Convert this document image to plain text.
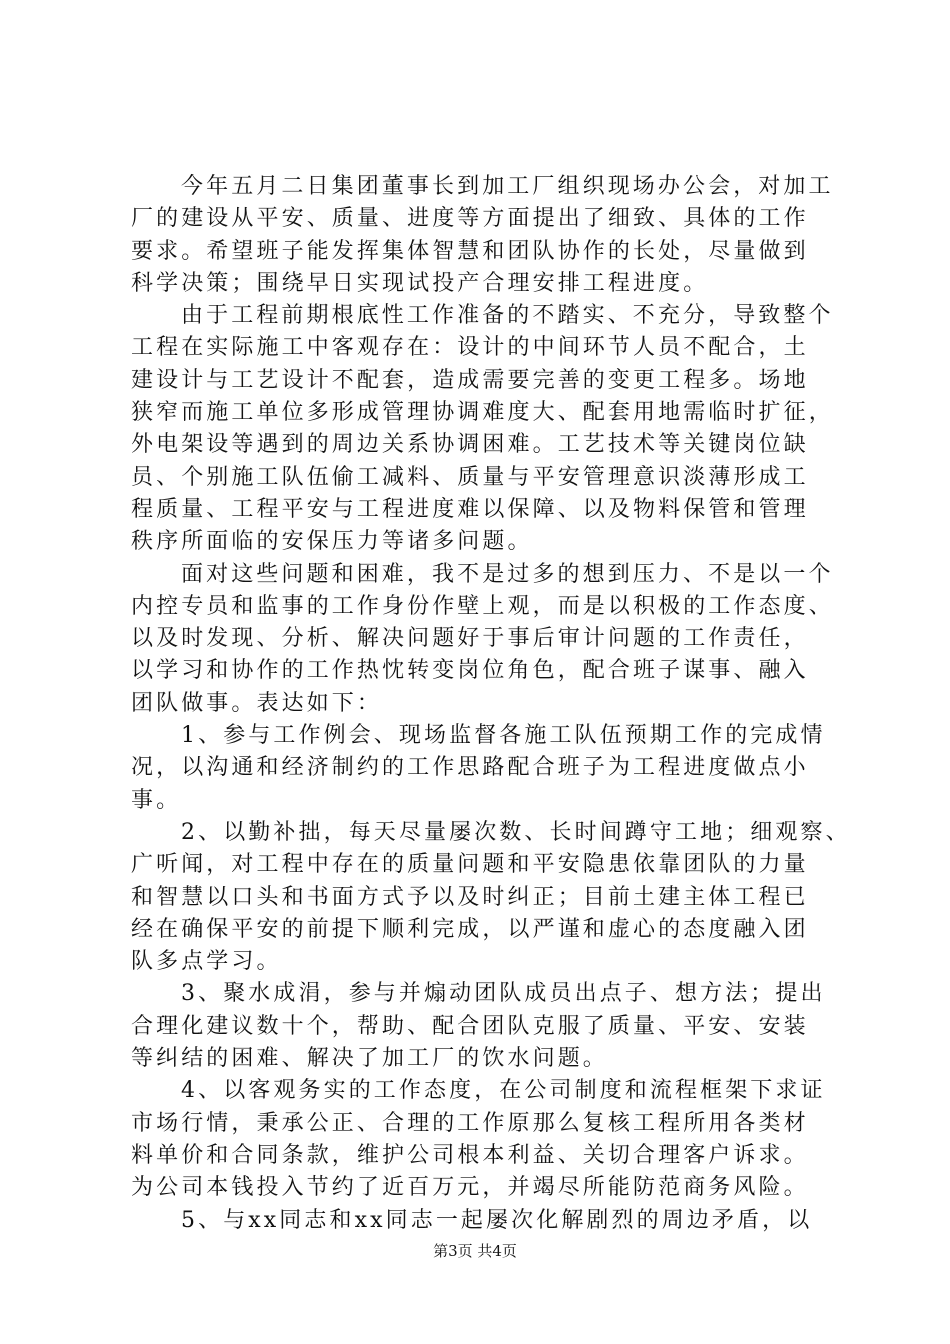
今年五月二日集团董事长到加工厂组织现场办公会，对加工
厂的建设从平安、质量、进度等方面提出了细致、具体的工作
要求。希望班子能发挥集体智慧和团队协作的长处，尽量做到
科学决策；围绕早日实现试投产合理安排工程进度。
由于工程前期根底性工作准备的不踏实、不充分，导致整个
工程在实际施工中客观存在：设计的中间环节人员不配合，土
建设计与工艺设计不配套，造成需要完善的变更工程多。场地
狭窄而施工单位多形成管理协调难度大、配套用地需临时扩征，
外电架设等遇到的周边关系协调困难。工艺技术等关键岗位缺
员、个别施工队伍偷工减料、质量与平安管理意识淡薄形成工
程质量、工程平安与工程进度难以保障、以及物料保管和管理
秩序所面临的安保压力等诸多问题。
面对这些问题和困难，我不是过多的想到压力、不是以一个
内控专员和监事的工作身份作壁上观，而是以积极的工作态度、
以及时发现、分析、解决问题好于事后审计问题的工作责任，
以学习和协作的工作热忱转变岗位角色，配合班子谋事、融入
团队做事。表达如下：
1、参与工作例会、现场监督各施工队伍预期工作的完成情
况，以沟通和经济制约的工作思路配合班子为工程进度做点小
事。
2、以勤补拙，每天尽量屡次数、长时间蹲守工地；细观察、
广听闻，对工程中存在的质量问题和平安隐患依靠团队的力量
和智慧以口头和书面方式予以及时纠正；目前土建主体工程已
经在确保平安的前提下顺利完成，以严谨和虚心的态度融入团
队多点学习。
3、聚水成涓，参与并煽动团队成员出点子、想方法；提出
合理化建议数十个，帮助、配合团队克服了质量、平安、安装
等纠结的困难、解决了加工厂的饮水问题。
4、以客观务实的工作态度，在公司制度和流程框架下求证
市场行情，秉承公正、合理的工作原那么复核工程所用各类材
料单价和合同条款，维护公司根本利益、关切合理客户诉求。
为公司本钱投入节约了近百万元，并竭尽所能防范商务风险。
5、与xx同志和xx同志一起屡次化解剧烈的周边矛盾，以
第3页 共4页
